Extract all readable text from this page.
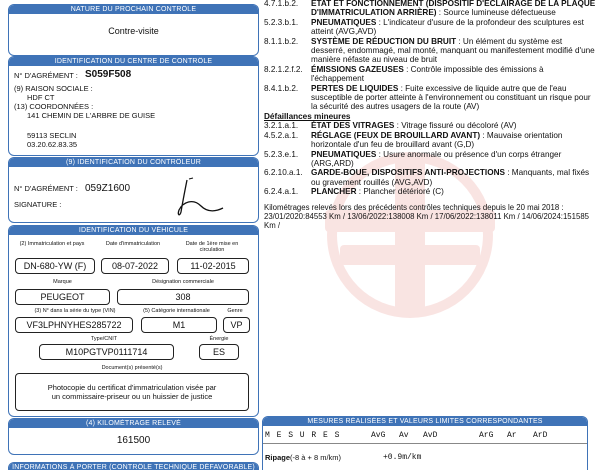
NATURE DU PROCHAIN CONTRÔLE
Contre-visite
IDENTIFICATION DU CENTRE DE CONTRÔLE
N° D'AGRÉMENT : S059F508
(9) RAISON SOCIALE :
HDF CT
(13) COORDONNÉES :
141 CHEMIN DE L'ARBRE DE GUISE
59113 SECLIN
03.20.62.83.35
(9) IDENTIFICATION DU CONTRÔLEUR
N° D'AGRÉMENT : 059Z1600
SIGNATURE :
IDENTIFICATION DU VÉHICULE
(2) Immatriculation et pays	Date d'immatriculation	Date de 1ère mise en circulation
DN-680-YW (F)	08-07-2022	11-02-2015
Marque	Désignation commerciale
PEUGEOT	308
(3) N° dans la série du type (VIN)	(5) Catégorie internationale	Genre
VF3LPHNYHES285722	M1	VP
Type/CNIT	Énergie
M10PGTVP0111714	ES
Document(s) présenté(s)
Photocopie du certificat d'immatriculation visée par un commissaire-priseur ou un huissier de justice
(4) KILOMÉTRAGE RELEVÉ
161500
INFORMATIONS À PORTER (CONTRÔLE TECHNIQUE DÉFAVORABLE)
4.7.1.b.2.	ÉTAT ET FONCTIONNEMENT (DISPOSITIF D'ÉCLAIRAGE DE LA PLAQUE D'IMMATRICULATION ARRIÈRE) : Source lumineuse défectueuse
5.2.3.b.1.	PNEUMATIQUES : L'indicateur d'usure de la profondeur des sculptures est atteint (AVG,AVD)
8.1.1.b.2.	SYSTÈME DE RÉDUCTION DU BRUIT : Un élément du système est desserré, endommagé, mal monté, manquant ou manifestement modifié d'une manière néfaste au niveau de bruit
8.2.1.2.f.2.	ÉMISSIONS GAZEUSES : Contrôle impossible des émissions à l'échappement
8.4.1.b.2.	PERTES DE LIQUIDES : Fuite excessive de liquide autre que de l'eau susceptible de porter atteinte à l'environnement ou constituant un risque pour la sécurité des autres usagers de la route (AV)
Défaillances mineures
3.2.1.a.1.	ÉTAT DES VITRAGES : Vitrage fissuré ou décoloré (AV)
4.5.2.a.1.	RÉGLAGE (FEUX DE BROUILLARD AVANT) : Mauvaise orientation horizontale d'un feu de brouillard avant (G,D)
5.2.3.e.1.	PNEUMATIQUES : Usure anormale ou présence d'un corps étranger (ARG,ARD)
6.2.10.a.1.	GARDE-BOUE, DISPOSITIFS ANTI-PROJECTIONS : Manquants, mal fixés ou gravement rouillés (AVG,AVD)
6.2.4.a.1.	PLANCHER : Plancher détérioré (C)
Kilométrages relevés lors des précédents contrôles techniques depuis le 20 mai 2018 : 23/01/2020:84553 Km / 13/06/2022:138008 Km / 17/06/2022:138011 Km / 14/06/2024:151585 Km /
MESURES RÉALISÉES ET VALEURS LIMITES CORRESPONDANTES
M E S U R E S	AvG Av AvD	ArG Ar ArD
Ripage (-8 à + 8 m/km)	+0.9m/km
